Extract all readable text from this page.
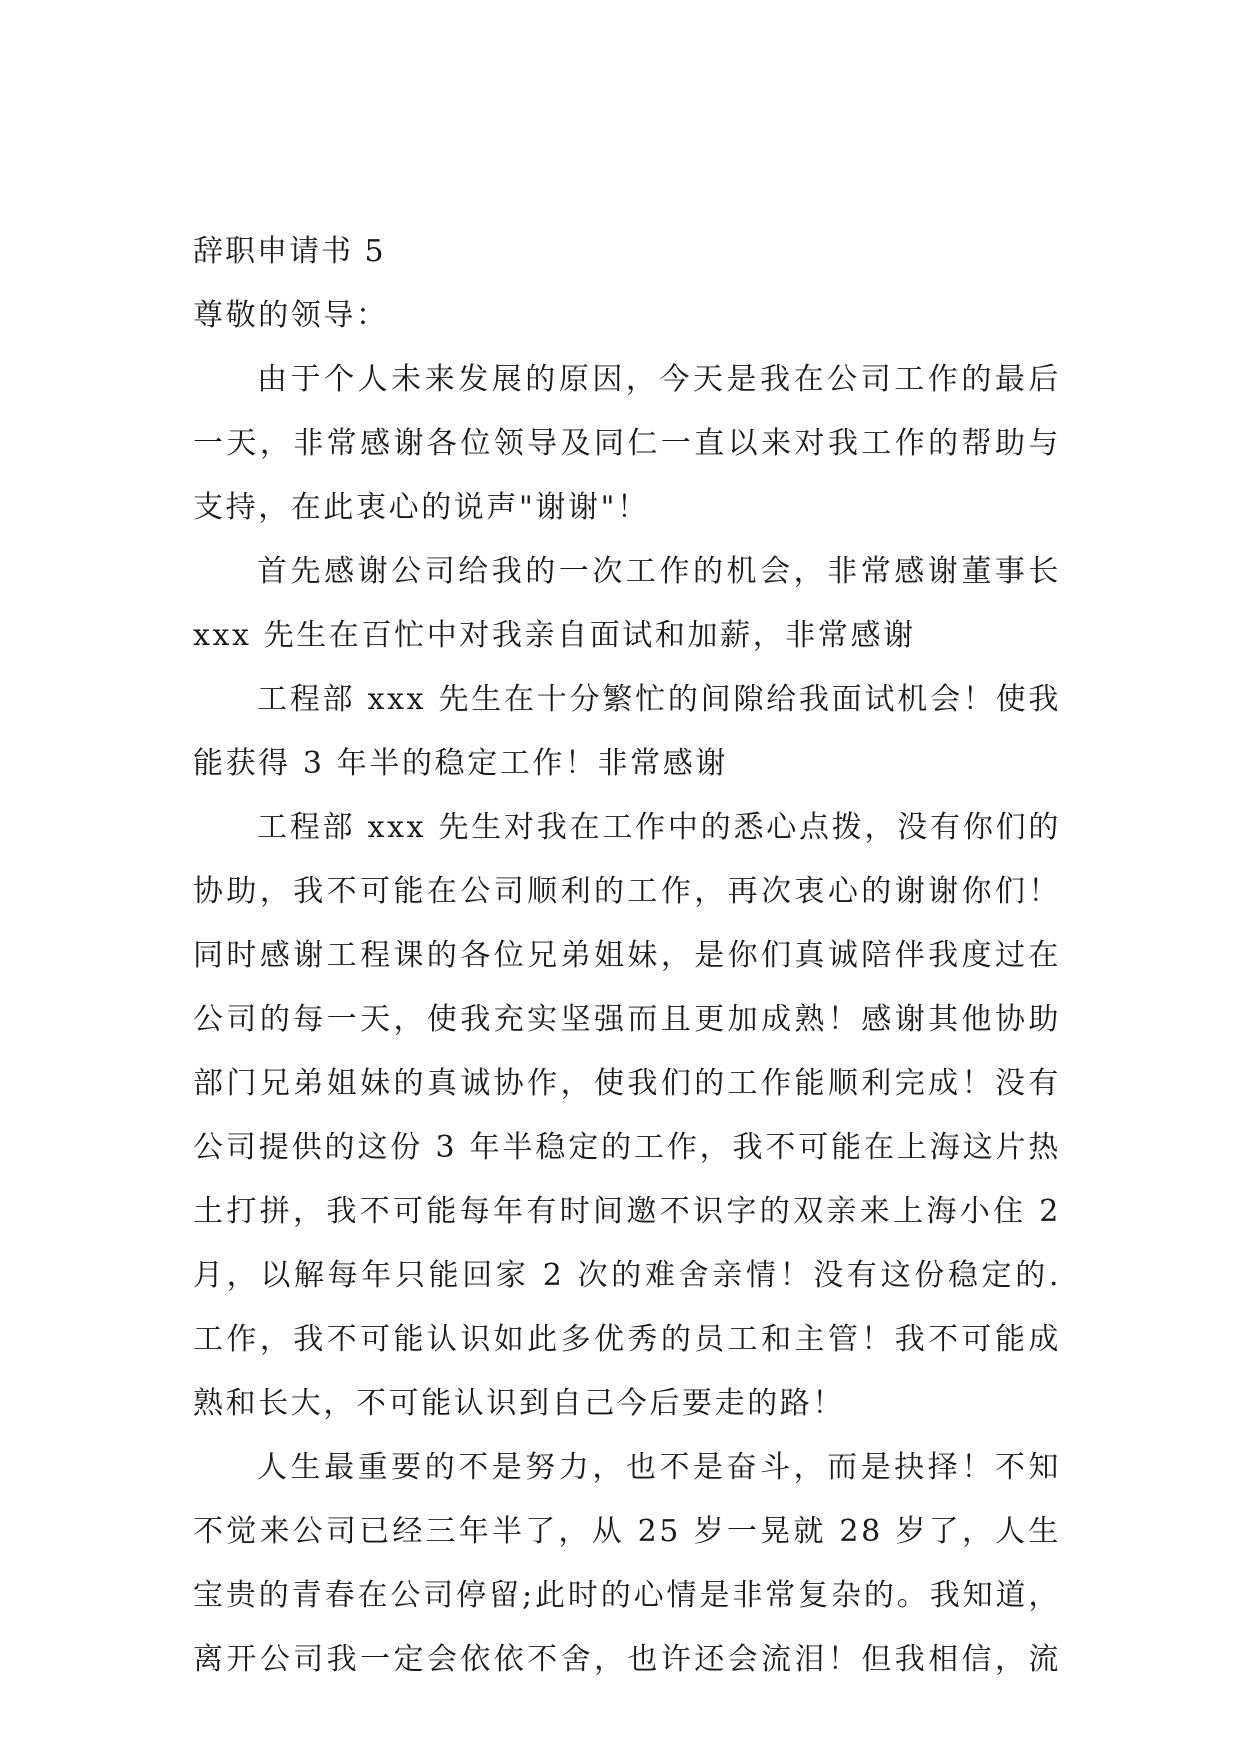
辞职申请书 5
尊敬的领导：
由于个人未来发展的原因，今天是我在公司工作的最后
一天，非常感谢各位领导及同仁一直以来对我工作的帮助与
支持，在此衷心的说声"谢谢"！
首先感谢公司给我的一次工作的机会，非常感谢董事长
xxx 先生在百忙中对我亲自面试和加薪，非常感谢
工程部 xxx 先生在十分繁忙的间隙给我面试机会！使我
能获得 3 年半的稳定工作！非常感谢
工程部 xxx 先生对我在工作中的悉心点拨，没有你们的
协助，我不可能在公司顺利的工作，再次衷心的谢谢你们！
同时感谢工程课的各位兄弟姐妹，是你们真诚陪伴我度过在
公司的每一天，使我充实坚强而且更加成熟！感谢其他协助
部门兄弟姐妹的真诚协作，使我们的工作能顺利完成！没有
公司提供的这份 3 年半稳定的工作，我不可能在上海这片热
土打拼，我不可能每年有时间邀不识字的双亲来上海小住 2
月，以解每年只能回家 2 次的难舍亲情！没有这份稳定的.
工作，我不可能认识如此多优秀的员工和主管！我不可能成
熟和长大，不可能认识到自己今后要走的路！
人生最重要的不是努力，也不是奋斗，而是抉择！不知
不觉来公司已经三年半了，从 25 岁一晃就 28 岁了，人生
宝贵的青春在公司停留;此时的心情是非常复杂的。我知道，
离开公司我一定会依依不舍，也许还会流泪！但我相信，流
